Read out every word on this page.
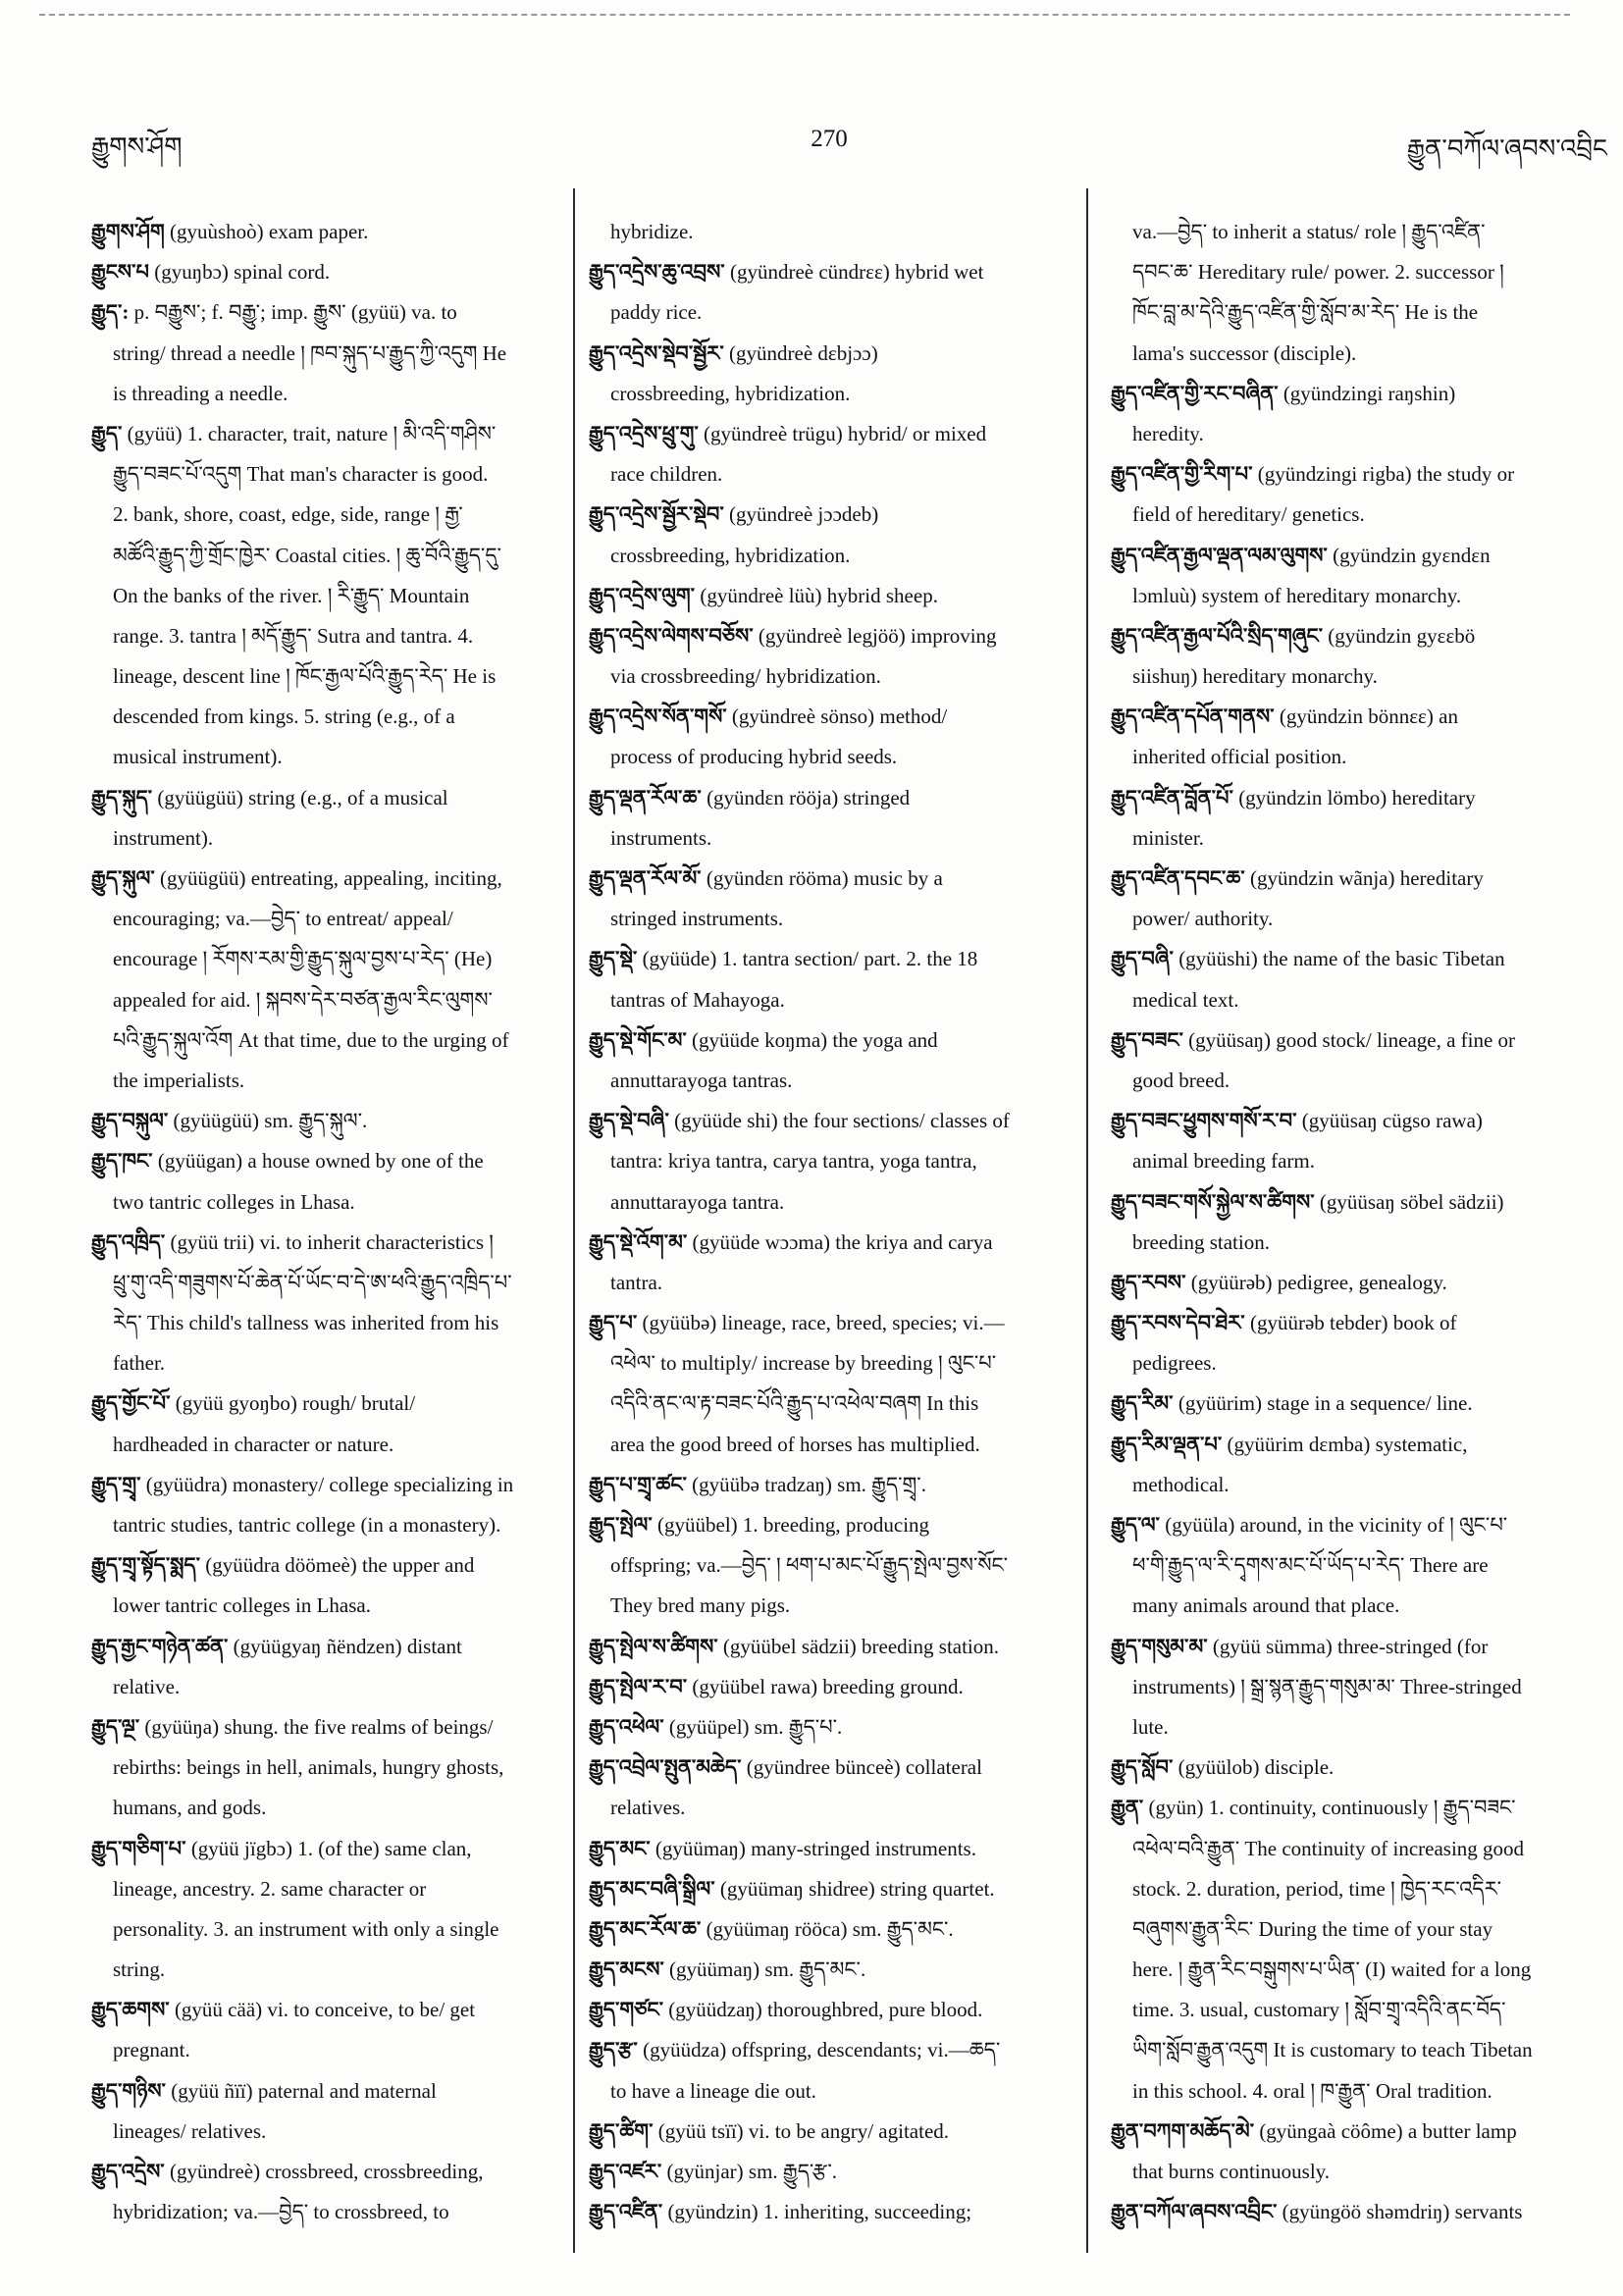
རྒྱུགས་ཤོག	270	རྒྱུན་བཀོལ་ཞབས་འབྲིང
རྒྱུགས་ཤོག (gyuùshoò) exam paper.
རྒྱུངས་པ (gyuŋbɔ) spinal cord.
རྒྱུད་: p. བརྒྱུས་; f. བརྒྱུ་; imp. རྒྱུས་ (gyüü) va. to
string/ thread a needle ། ཁབ་སྐུད་པ་རྒྱུད་ཀྱི་འདུག He
is threading a needle.
རྒྱུད་ (gyüü) 1. character, trait, nature ། མི་འདི་གཤིས་
རྒྱུད་བཟང་པོ་འདུག That man's character is good.
2. bank, shore, coast, edge, side, range ། རྒྱ་
མཚོའི་རྒྱུད་ཀྱི་གྲོང་ཁྱེར་ Coastal cities. ། ཆུ་བོའི་རྒྱུད་དུ་
On the banks of the river. ། རི་རྒྱུད་ Mountain
range. 3. tantra ། མདོ་རྒྱུད་ Sutra and tantra. 4.
lineage, descent line ། ཁོང་རྒྱལ་པོའི་རྒྱུད་རེད་ He is
descended from kings. 5. string (e.g., of a
musical instrument).
རྒྱུད་སྐུད་ (gyüügüü) string (e.g., of a musical
instrument).
རྒྱུད་སྐུལ་ (gyüügüü) entreating, appealing, inciting,
encouraging; va.—བྱེད་ to entreat/ appeal/
encourage ། རོགས་རམ་གྱི་རྒྱུད་སྐུལ་བྱས་པ་རེད་ (He)
appealed for aid. ། སྐབས་དེར་བཙན་རྒྱལ་རིང་ལུགས་
པའི་རྒྱུད་སྐུལ་འོག At that time, due to the urging of
the imperialists.
རྒྱུད་བསྐུལ་ (gyüügüü) sm. རྒྱུད་སྐུལ་.
རྒྱུད་ཁང་ (gyüügan) a house owned by one of the
two tantric colleges in Lhasa.
རྒྱུད་འཁྲིད་ (gyüü trii) vi. to inherit characteristics །
ཕྲུ་གུ་འདི་གཟུགས་པོ་ཆེན་པོ་ཡོང་བ་དེ་ཨ་ཕའི་རྒྱུད་འཁྲིད་པ་
རེད་ This child's tallness was inherited from his
father.
རྒྱུད་གྱོང་པོ་ (gyüü gyoŋbo) rough/ brutal/
hardheaded in character or nature.
རྒྱུད་གྲྭ་ (gyüüdra) monastery/ college specializing in
tantric studies, tantric college (in a monastery).
རྒྱུད་གྲྭ་སྟོད་སྨད་ (gyüüdra döömeè) the upper and
lower tantric colleges in Lhasa.
རྒྱུད་རྒྱང་གཉེན་ཚན་ (gyüügyaŋ ñëndzen) distant
relative.
རྒྱུད་ལྔ་ (gyüüŋa) shung. the five realms of beings/
rebirths: beings in hell, animals, hungry ghosts,
humans, and gods.
རྒྱུད་གཅིག་པ་ (gyüü jïgbɔ) 1. (of the) same clan,
lineage, ancestry. 2. same character or
personality. 3. an instrument with only a single
string.
རྒྱུད་ཆགས་ (gyüü cää) vi. to conceive, to be/ get
pregnant.
རྒྱུད་གཉིས་ (gyüü ñïï) paternal and maternal
lineages/ relatives.
རྒྱུད་འདྲེས་ (gyündreè) crossbreed, crossbreeding,
hybridization; va.—བྱེད་ to crossbreed, to
hybridize.
རྒྱུད་འདྲེས་ཆུ་འབྲས་ (gyündreè cündrɛɛ) hybrid wet
paddy rice.
རྒྱུད་འདྲེས་སྡེབ་སྦྱོར་ (gyündreè dɛbjɔɔ)
crossbreeding, hybridization.
རྒྱུད་འདྲེས་ཕྲུ་གུ་ (gyündreè trügu) hybrid/ or mixed
race children.
རྒྱུད་འདྲེས་སྦྱོར་སྡེབ་ (gyündreè jɔɔdeb)
crossbreeding, hybridization.
རྒྱུད་འདྲེས་ལུག་ (gyündreè lüù) hybrid sheep.
རྒྱུད་འདྲེས་ལེགས་བཅོས་ (gyündreè legjöö) improving
via crossbreeding/ hybridization.
རྒྱུད་འདྲེས་སོན་གསོ་ (gyündreè sönso) method/
process of producing hybrid seeds.
རྒྱུད་ལྡན་རོལ་ཆ་ (gyündɛn rööja) stringed
instruments.
རྒྱུད་ལྡན་རོལ་མོ་ (gyündɛn rööma) music by a
stringed instruments.
རྒྱུད་སྡེ་ (gyüüde) 1. tantra section/ part. 2. the 18
tantras of Mahayoga.
རྒྱུད་སྡེ་གོང་མ་ (gyüüde koŋma) the yoga and
annuttarayoga tantras.
རྒྱུད་སྡེ་བཞི་ (gyüüde shi) the four sections/ classes of
tantra: kriya tantra, carya tantra, yoga tantra,
annuttarayoga tantra.
རྒྱུད་སྡེ་འོག་མ་ (gyüüde wɔɔma) the kriya and carya
tantra.
རྒྱུད་པ་ (gyüübə) lineage, race, breed, species; vi.—
འཕེལ་ to multiply/ increase by breeding ། ལུང་པ་
འདིའི་ནང་ལ་རྟ་བཟང་པོའི་རྒྱུད་པ་འཕེལ་བཞག In this
area the good breed of horses has multiplied.
རྒྱུད་པ་གྲྭ་ཚང་ (gyüübə tradzaŋ) sm. རྒྱུད་གྲྭ་.
རྒྱུད་སྤེལ་ (gyüübel) 1. breeding, producing
offspring; va.—བྱེད་ ། ཕག་པ་མང་པོ་རྒྱུད་སྤེལ་བྱས་སོང་
They bred many pigs.
རྒྱུད་སྤེལ་ས་ཚིགས་ (gyüübel sädzii) breeding station.
རྒྱུད་སྤེལ་ར་བ་ (gyüübel rawa) breeding ground.
རྒྱུད་འཕེལ་ (gyüüpel) sm. རྒྱུད་པ་.
རྒྱུད་འབྲེལ་སྤུན་མཆེད་ (gyündree bünceè) collateral
relatives.
རྒྱུད་མང་ (gyüümaŋ) many-stringed instruments.
རྒྱུད་མང་བཞི་སྒྲིལ་ (gyüümaŋ shidree) string quartet.
རྒྱུད་མང་རོལ་ཆ་ (gyüümaŋ rööca) sm. རྒྱུད་མང་.
རྒྱུད་མངས་ (gyüümaŋ) sm. རྒྱུད་མང་.
རྒྱུད་གཙང་ (gyüüdzaŋ) thoroughbred, pure blood.
རྒྱུད་རྩ་ (gyüüdza) offspring, descendants; vi.—ཆད་
to have a lineage die out.
རྒྱུད་ཚིག་ (gyüü tsïï) vi. to be angry/ agitated.
རྒྱུད་འཛར་ (gyünjar) sm. རྒྱུད་རྩ་.
རྒྱུད་འཛིན་ (gyündzin) 1. inheriting, succeeding;
va.—བྱེད་ to inherit a status/ role ། རྒྱུད་འཛིན་
དབང་ཆ་ Hereditary rule/ power. 2. successor །
ཁོང་བླ་མ་དེའི་རྒྱུད་འཛིན་གྱི་སློབ་མ་རེད་ He is the
lama's successor (disciple).
རྒྱུད་འཛིན་གྱི་རང་བཞིན་ (gyündzingi raŋshin)
heredity.
རྒྱུད་འཛིན་གྱི་རིག་པ་ (gyündzingi rigba) the study or
field of hereditary/ genetics.
རྒྱུད་འཛིན་རྒྱལ་ལྡན་ལམ་ལུགས་ (gyündzin gyɛndɛn
lɔmluù) system of hereditary monarchy.
རྒྱུད་འཛིན་རྒྱལ་པོའི་སྲིད་གཞུང་ (gyündzin gyɛɛbö
siishuŋ) hereditary monarchy.
རྒྱུད་འཛིན་དཔོན་གནས་ (gyündzin bönnɛɛ) an
inherited official position.
རྒྱུད་འཛིན་བློན་པོ་ (gyündzin lömbo) hereditary
minister.
རྒྱུད་འཛིན་དབང་ཆ་ (gyündzin wãnja) hereditary
power/ authority.
རྒྱུད་བཞི་ (gyüüshi) the name of the basic Tibetan
medical text.
རྒྱུད་བཟང་ (gyüüsaŋ) good stock/ lineage, a fine or
good breed.
རྒྱུད་བཟང་ཕྱུགས་གསོ་ར་བ་ (gyüüsaŋ cügso rawa)
animal breeding farm.
རྒྱུད་བཟང་གསོ་སྐྱེལ་ས་ཚིགས་ (gyüüsaŋ söbel sädzii)
breeding station.
རྒྱུད་རབས་ (gyüürəb) pedigree, genealogy.
རྒྱུད་རབས་དེབ་ཐེར་ (gyüürəb tebder) book of
pedigrees.
རྒྱུད་རིམ་ (gyüürim) stage in a sequence/ line.
རྒྱུད་རིམ་ལྡན་པ་ (gyüürim dɛmba) systematic,
methodical.
རྒྱུད་ལ་ (gyüüla) around, in the vicinity of ། ལུང་པ་
ཕ་གི་རྒྱུད་ལ་རི་དྭགས་མང་པོ་ཡོད་པ་རེད་ There are
many animals around that place.
རྒྱུད་གསུམ་མ་ (gyüü sümma) three-stringed (for
instruments) ། སྒྲ་སྙན་རྒྱུད་གསུམ་མ་ Three-stringed
lute.
རྒྱུད་སློབ་ (gyüülob) disciple.
རྒྱུན་ (gyün) 1. continuity, continuously ། རྒྱུད་བཟང་
འཕེལ་བའི་རྒྱུན་ The continuity of increasing good
stock. 2. duration, period, time ། ཁྱེད་རང་འདིར་
བཞུགས་རྒྱུན་རིང་ During the time of your stay
here. ། རྒྱུན་རིང་བསྒུགས་པ་ཡིན་ (I) waited for a long
time. 3. usual, customary ། སློབ་གྲྭ་འདིའི་ནང་བོད་
ཡིག་སློབ་རྒྱུན་འདུག It is customary to teach Tibetan
in this school. 4. oral ། ཁ་རྒྱུན་ Oral tradition.
རྒྱུན་བཀག་མཆོད་མེ་ (gyüngaà cöôme) a butter lamp
that burns continuously.
རྒྱུན་བཀོལ་ཞབས་འབྲིང་ (gyüngöö shəmdriŋ) servants
